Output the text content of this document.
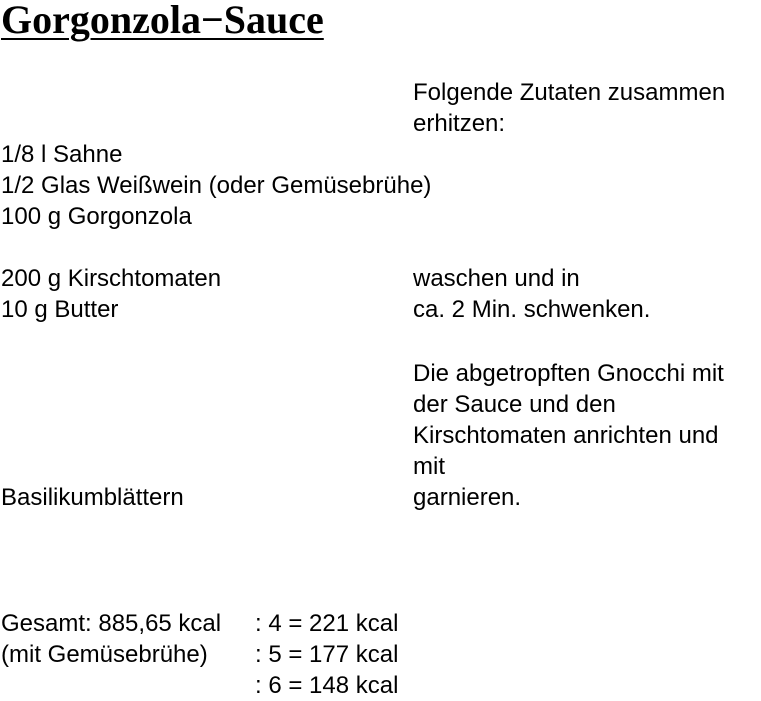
Gorgonzola−Sauce
Folgende Zutaten zusammen
erhitzen:
1/8 l Sahne
1/2 Glas Weißwein (oder Gemüsebrühe)
100 g Gorgonzola
200 g Kirschtomaten	waschen und in
10 g Butter	ca. 2 Min. schwenken.
Die abgetropften Gnocchi mit
der Sauce und den
Kirschtomaten anrichten und
mit
Basilikumblättern	garnieren.
Gesamt: 885,65 kcal : 4 = 221 kcal
(mit Gemüsebrühe) : 5 = 177 kcal
: 6 = 148 kcal
